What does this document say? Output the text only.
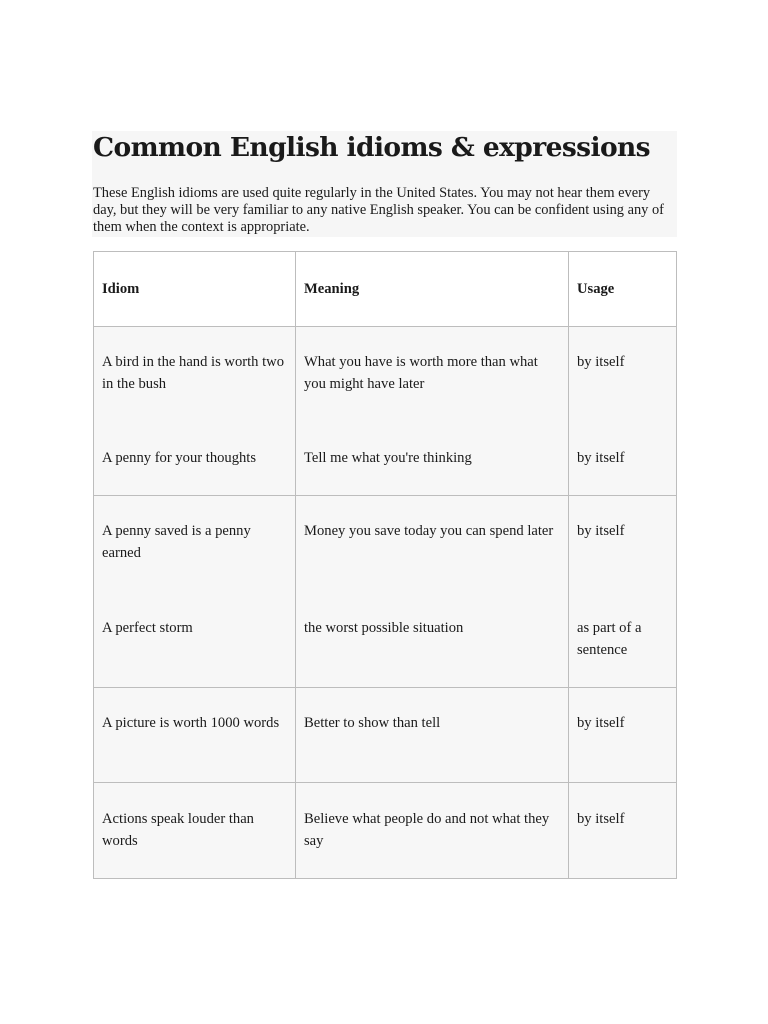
Common English idioms & expressions

These English idioms are used quite regularly in the United States. You may not hear them every day, but they will be very familiar to any native English speaker. You can be confident using any of them when the context is appropriate.

Idiom	Meaning	Usage
A bird in the hand is worth two in the bush	What you have is worth more than what you might have later	by itself
A penny for your thoughts	Tell me what you're thinking	by itself
A penny saved is a penny earned	Money you save today you can spend later	by itself
A perfect storm	the worst possible situation	as part of a sentence
A picture is worth 1000 words	Better to show than tell	by itself
Actions speak louder than words	Believe what people do and not what they say	by itself
